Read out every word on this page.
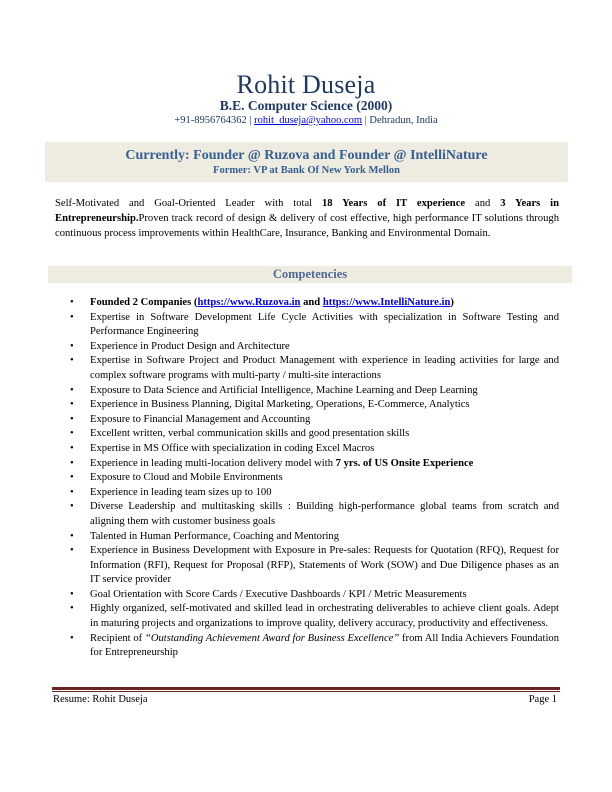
Rohit Duseja
B.E. Computer Science (2000)
+91-8956764362 | rohit_duseja@yahoo.com | Dehradun, India
Currently: Founder @ Ruzova and Founder @ IntelliNature
Former: VP at Bank Of New York Mellon
Self-Motivated and Goal-Oriented Leader with total 18 Years of IT experience and 3 Years in Entrepreneurship.Proven track record of design & delivery of cost effective, high performance IT solutions through continuous process improvements within HealthCare, Insurance, Banking and Environmental Domain.
Competencies
• Founded 2 Companies (https://www.Ruzova.in and https://www.IntelliNature.in)
• Expertise in Software Development Life Cycle Activities with specialization in Software Testing and Performance Engineering
• Experience in Product Design and Architecture
• Expertise in Software Project and Product Management with experience in leading activities for large and complex software programs with multi-party / multi-site interactions
• Exposure to Data Science and Artificial Intelligence, Machine Learning and Deep Learning
• Experience in Business Planning, Digital Marketing, Operations, E-Commerce, Analytics
• Exposure to Financial Management and Accounting
• Excellent written, verbal communication skills and good presentation skills
• Expertise in MS Office with specialization in coding Excel Macros
• Experience in leading multi-location delivery model with 7 yrs. of US Onsite Experience
• Exposure to Cloud and Mobile Environments
• Experience in leading team sizes up to 100
• Diverse Leadership and multitasking skills : Building high-performance global teams from scratch and aligning them with customer business goals
• Talented in Human Performance, Coaching and Mentoring
• Experience in Business Development with Exposure in Pre-sales: Requests for Quotation (RFQ), Request for Information (RFI), Request for Proposal (RFP), Statements of Work (SOW) and Due Diligence phases as an IT service provider
• Goal Orientation with Score Cards / Executive Dashboards / KPI / Metric Measurements
• Highly organized, self-motivated and skilled lead in orchestrating deliverables to achieve client goals. Adept in maturing projects and organizations to improve quality, delivery accuracy, productivity and effectiveness.
• Recipient of “Outstanding Achievement Award for Business Excellence” from All India Achievers Foundation for Entrepreneurship
Resume: Rohit Duseja	Page 1
